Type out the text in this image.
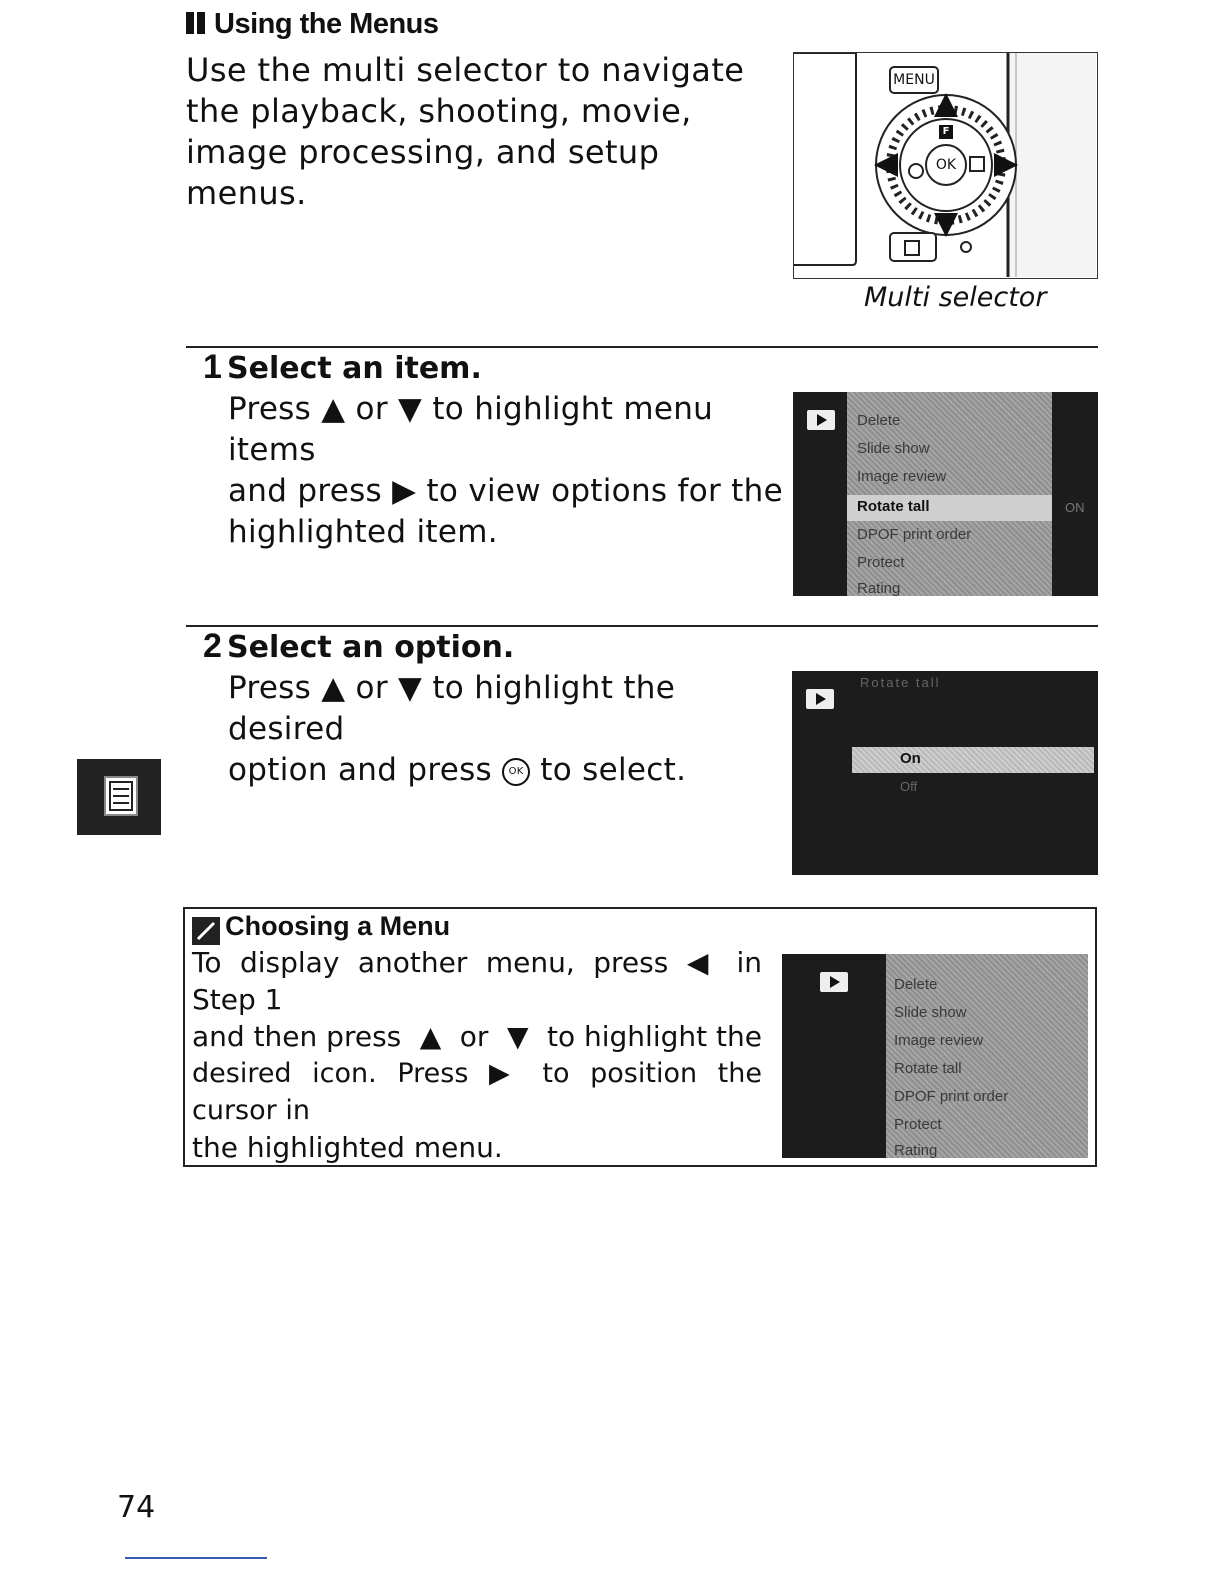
Using the Menus
Use the multi selector to navigate the playback, shooting, movie, image processing, and setup menus.
MENU
OK
F
Multi selector
1 Select an item.
Press ▲ or ▼ to highlight menu items
and press ▶ to view options for the
highlighted item.
Delete
Slide show
Image review
Rotate tall
DPOF print order
Protect
Rating
ON
2 Select an option.
Press ▲ or ▼ to highlight the desired
option and press OK to select.
Rotate tall
On
Off
Choosing a Menu
To display another menu, press ◀ in Step 1
and then press ▲ or ▼ to highlight the
desired icon. Press ▶ to position the cursor in
the highlighted menu.
Delete
Slide show
Image review
Rotate tall
DPOF print order
Protect
Rating
74
